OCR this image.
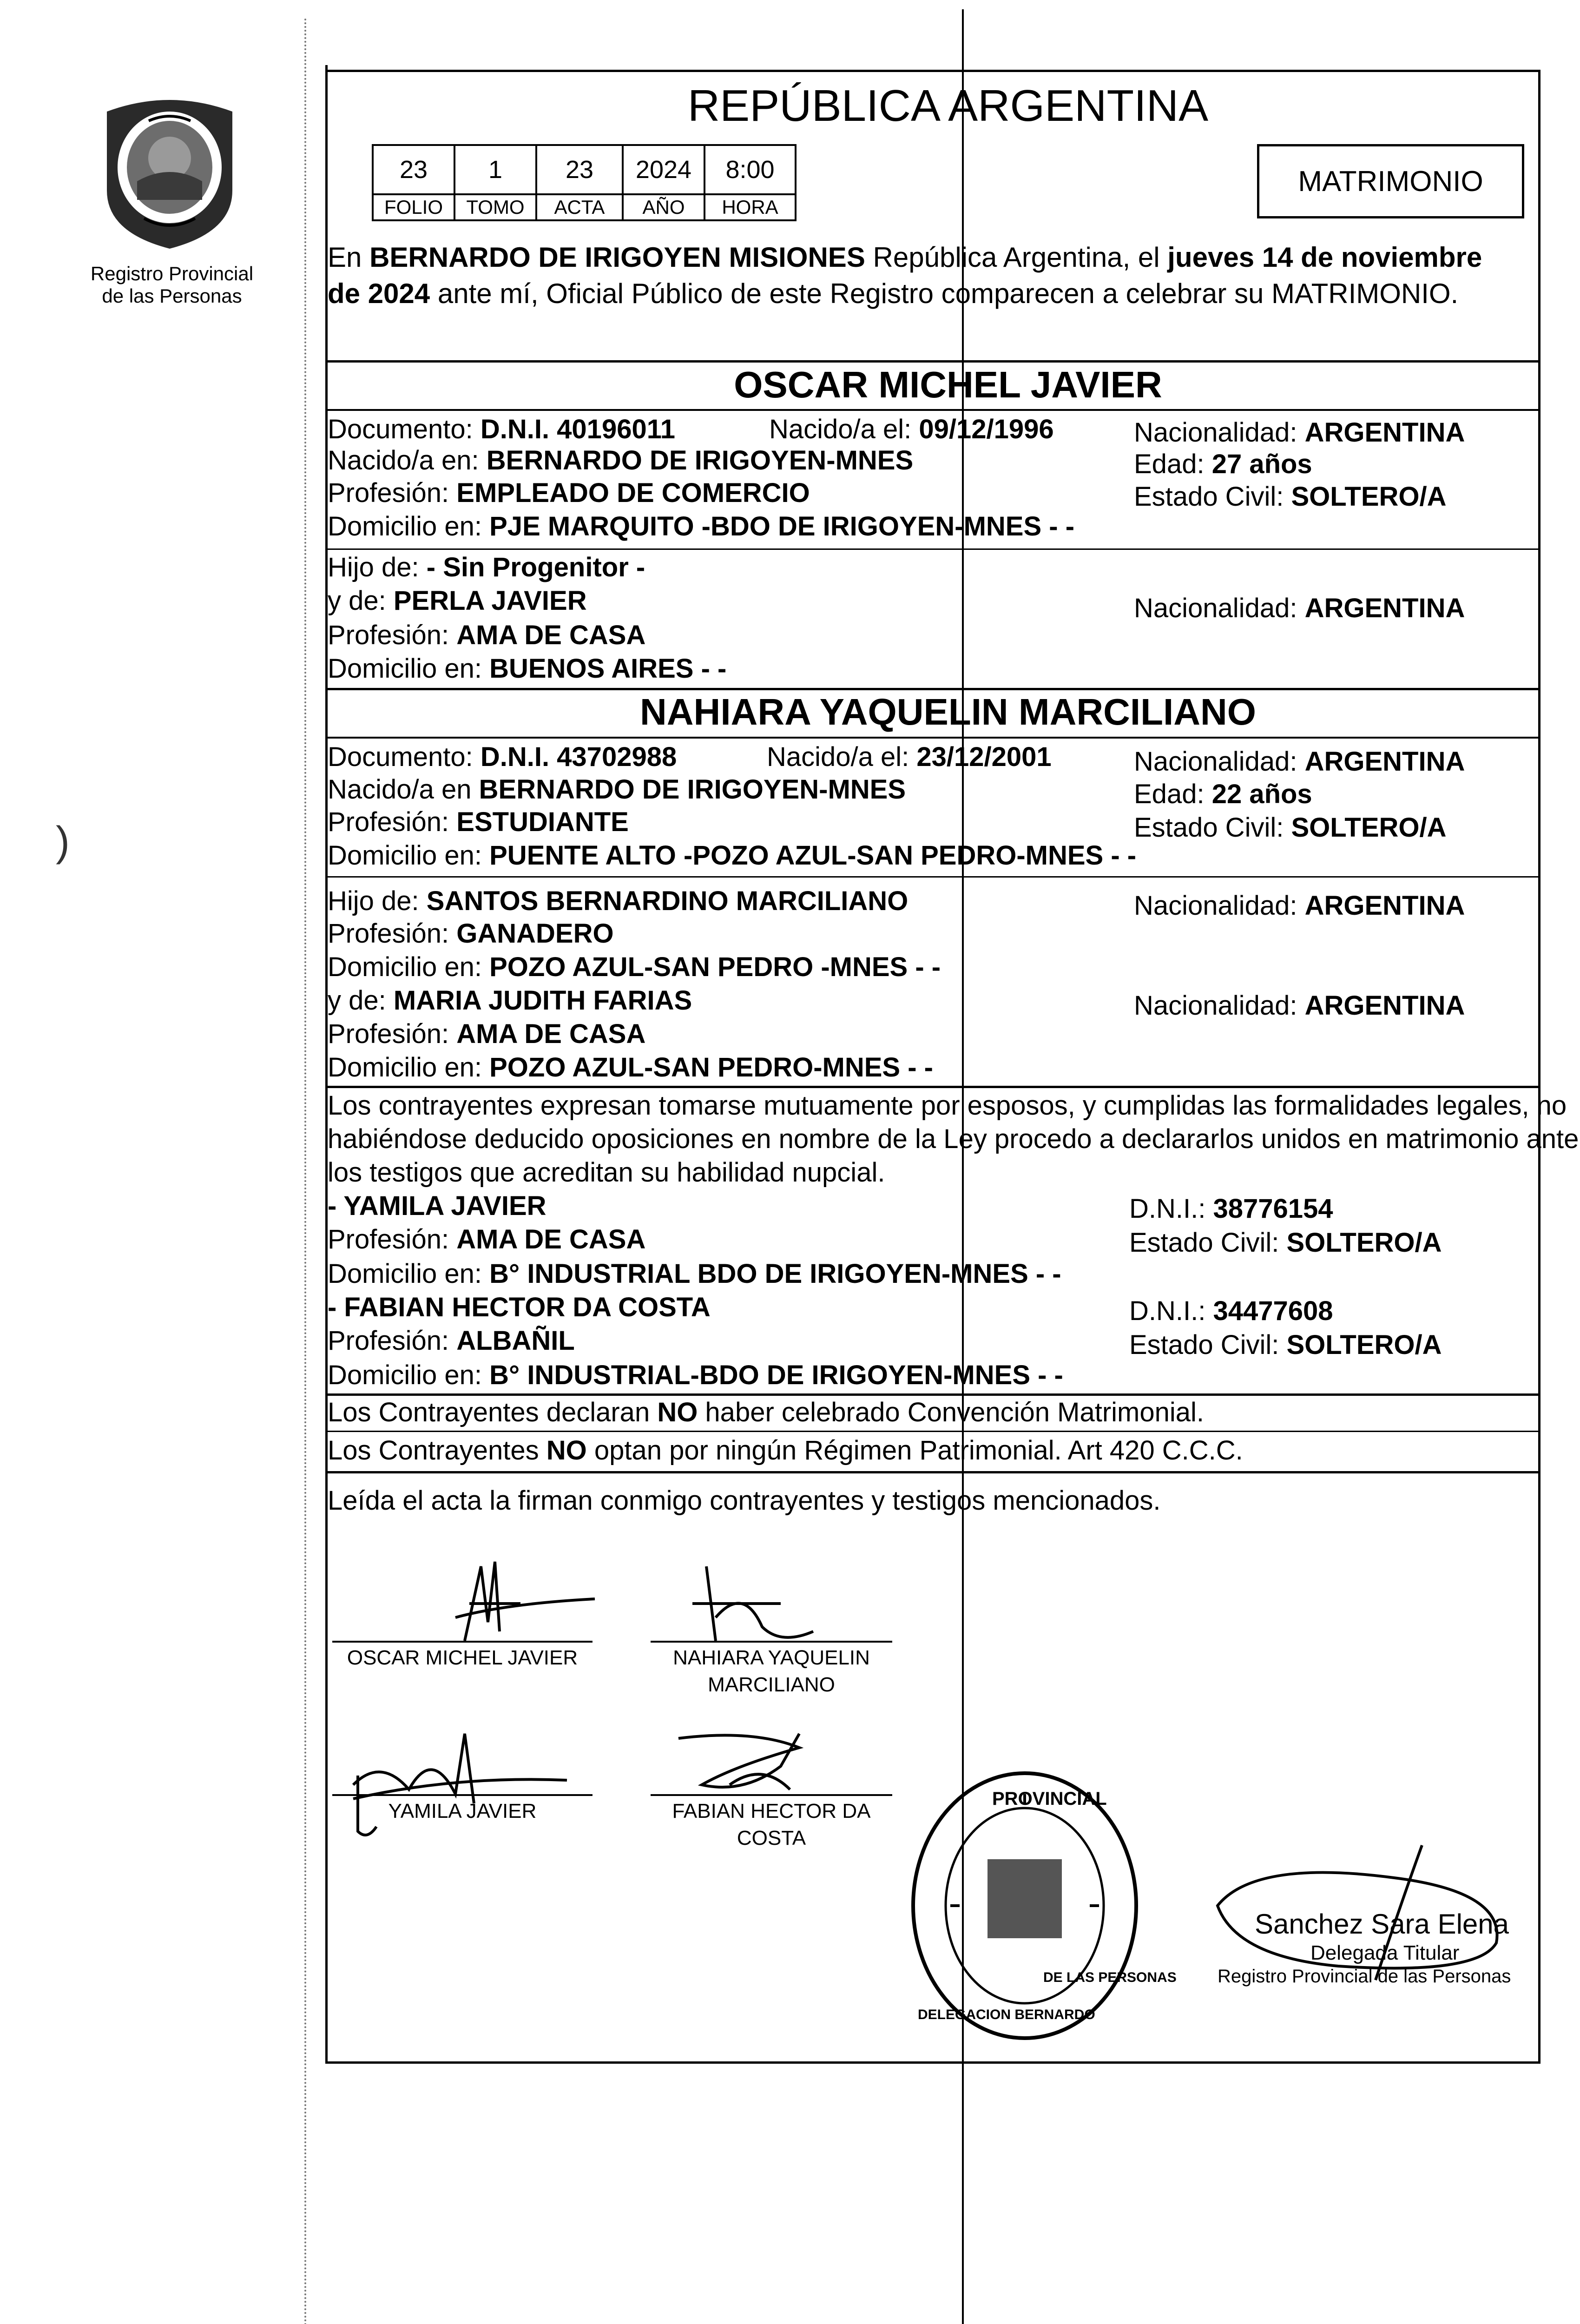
Registro Provincial
de las Personas
)
REPÚBLICA ARGENTINA
23	1	23	2024	8:00
FOLIO	TOMO	ACTA	AÑO	HORA
MATRIMONIO
En BERNARDO DE IRIGOYEN MISIONES República Argentina, el jueves 14 de noviembre
de 2024 ante mí, Oficial Público de este Registro comparecen a celebrar su MATRIMONIO.
OSCAR MICHEL JAVIER
Documento: D.N.I. 40196011	Nacido/a el: 09/12/1996	Nacionalidad: ARGENTINA
Nacido/a en: BERNARDO DE IRIGOYEN-MNES	Edad: 27 años
Profesión: EMPLEADO DE COMERCIO	Estado Civil: SOLTERO/A
Domicilio en: PJE MARQUITO -BDO DE IRIGOYEN-MNES - -
Hijo de: - Sin Progenitor -
y de: PERLA JAVIER	Nacionalidad: ARGENTINA
Profesión: AMA DE CASA
Domicilio en: BUENOS AIRES - -
NAHIARA YAQUELIN MARCILIANO
Documento: D.N.I. 43702988	Nacido/a el: 23/12/2001	Nacionalidad: ARGENTINA
Nacido/a en BERNARDO DE IRIGOYEN-MNES	Edad: 22 años
Profesión: ESTUDIANTE	Estado Civil: SOLTERO/A
Domicilio en: PUENTE ALTO -POZO AZUL-SAN PEDRO-MNES - -
Hijo de: SANTOS BERNARDINO MARCILIANO	Nacionalidad: ARGENTINA
Profesión: GANADERO
Domicilio en: POZO AZUL-SAN PEDRO -MNES - -
y de: MARIA JUDITH FARIAS	Nacionalidad: ARGENTINA
Profesión: AMA DE CASA
Domicilio en: POZO AZUL-SAN PEDRO-MNES - -
Los contrayentes expresan tomarse mutuamente por esposos, y cumplidas las formalidades legales, no
habiéndose deducido oposiciones en nombre de la Ley procedo a declararlos unidos en matrimonio ante
los testigos que acreditan su habilidad nupcial.
- YAMILA JAVIER	D.N.I.: 38776154
Profesión: AMA DE CASA	Estado Civil: SOLTERO/A
Domicilio en: B° INDUSTRIAL BDO DE IRIGOYEN-MNES - -
- FABIAN HECTOR DA COSTA	D.N.I.: 34477608
Profesión: ALBAÑIL	Estado Civil: SOLTERO/A
Domicilio en: B° INDUSTRIAL-BDO DE IRIGOYEN-MNES - -
Los Contrayentes declaran NO haber celebrado Convención Matrimonial.
Los Contrayentes NO optan por ningún Régimen Patrimonial. Art 420 C.C.C.
Leída el acta la firman conmigo contrayentes y testigos mencionados.
OSCAR MICHEL JAVIER	NAHIARA YAQUELIN
MARCILIANO
YAMILA JAVIER	FABIAN HECTOR DA
COSTA
PROVINCIAL
DE LAS PERSONAS
DELEGACION BERNARDO
Sanchez Sara Elena
Delegada Titular
Registro Provincial de las Personas
